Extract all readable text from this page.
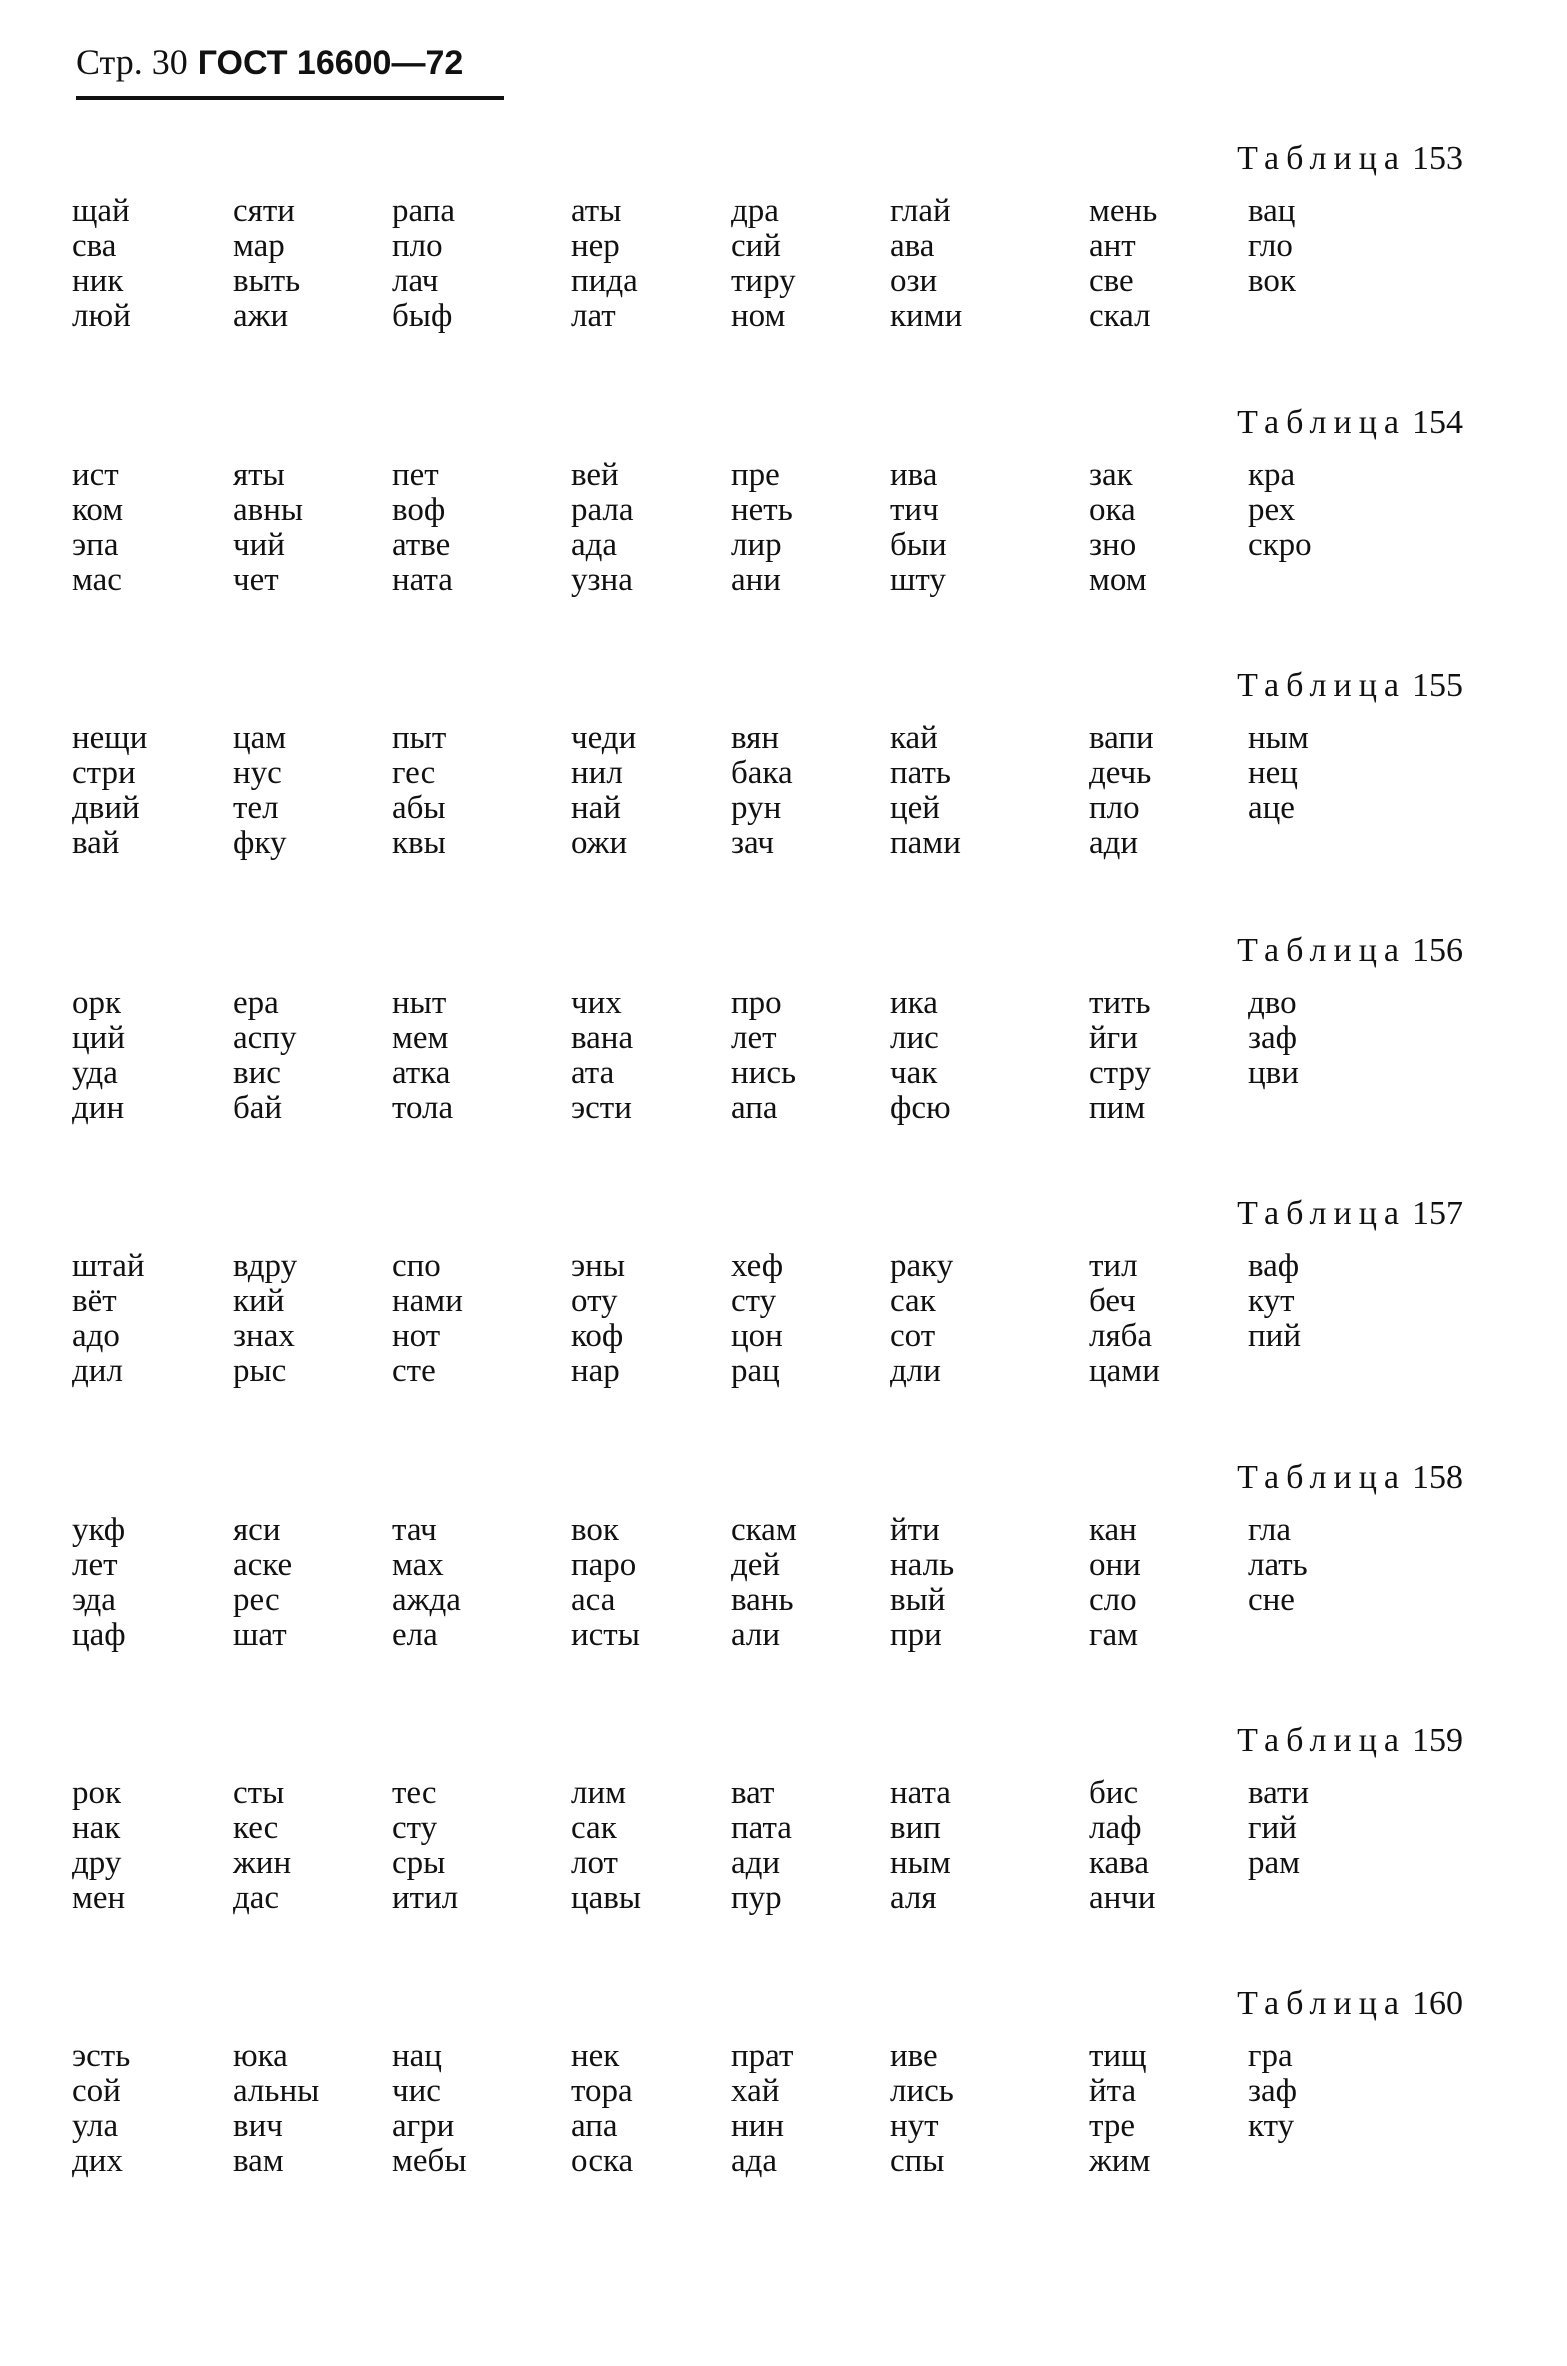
Стр. 30 ГОСТ 16600—72
Таблица 153
щай
сва
ник
люй
сяти
мар
выть
ажи
рапа
пло
лач
быф
аты
нер
пида
лат
дра
сий
тиру
ном
глай
ава
ози
кими
мень
ант
све
скал
вац
гло
вок
Таблица 154
ист
ком
эпа
мас
яты
авны
чий
чет
пет
воф
атве
ната
вей
рала
ада
узна
пре
неть
лир
ани
ива
тич
быи
шту
зак
ока
зно
мом
кра
рех
скро
Таблица 155
нещи
стри
двий
вай
цам
нус
тел
фку
пыт
гес
абы
квы
чеди
нил
най
ожи
вян
бака
рун
зач
кай
пать
цей
пами
вапи
дечь
пло
ади
ным
нец
аце
Таблица 156
орк
ций
уда
дин
ера
аспу
вис
бай
ныт
мем
атка
тола
чих
вана
ата
эсти
про
лет
нись
апа
ика
лис
чак
фсю
тить
йги
стру
пим
дво
заф
цви
Таблица 157
штай
вёт
адо
дил
вдру
кий
знах
рыс
спо
нами
нот
сте
эны
оту
коф
нар
хеф
сту
цон
рац
раку
сак
сот
дли
тил
беч
ляба
цами
ваф
кут
пий
Таблица 158
укф
лет
эда
цаф
яси
аске
рес
шат
тач
мах
ажда
ела
вок
паро
аса
исты
скам
дей
вань
али
йти
наль
вый
при
кан
они
сло
гам
гла
лать
сне
Таблица 159
рок
нак
дру
мен
сты
кес
жин
дас
тес
сту
сры
итил
лим
сак
лот
цавы
ват
пата
ади
пур
ната
вип
ным
аля
бис
лаф
кава
анчи
вати
гий
рам
Таблица 160
эсть
сой
ула
дих
юка
альны
вич
вам
нац
чис
агри
мебы
нек
тора
апа
оска
прат
хай
нин
ада
иве
лись
нут
спы
тищ
йта
тре
жим
гра
заф
кту
